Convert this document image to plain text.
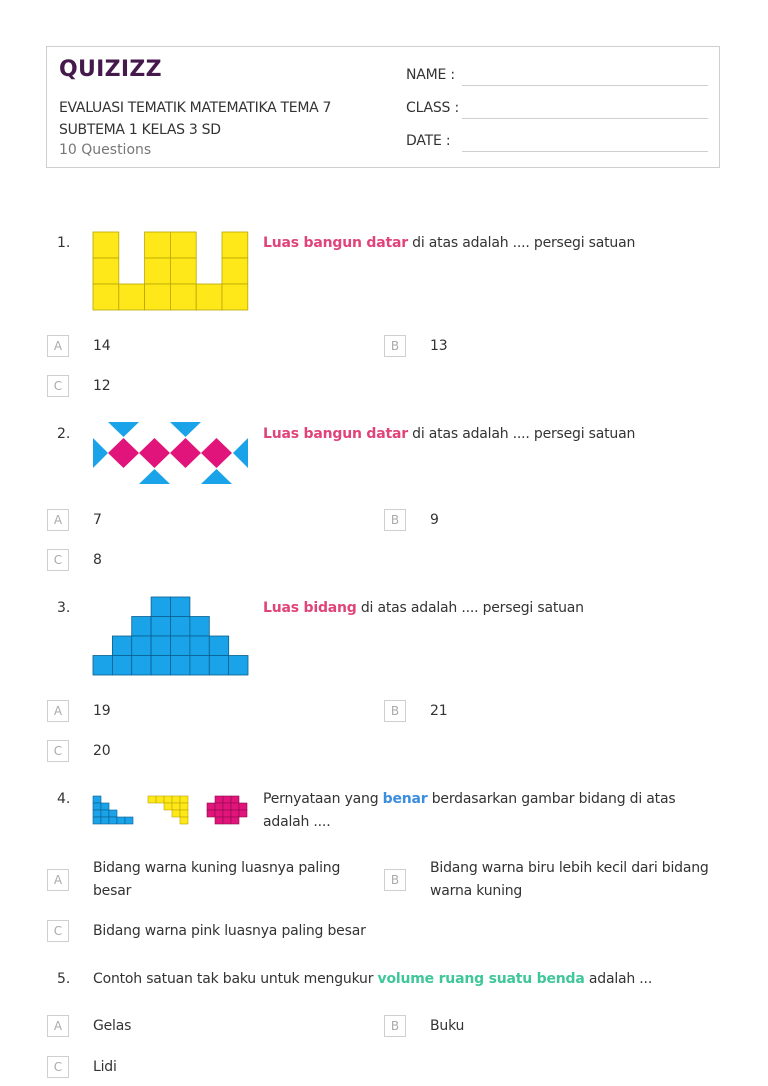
QUIZIZZ
EVALUASI TEMATIK MATEMATIKA TEMA 7
SUBTEMA 1 KELAS 3 SD
10 Questions
NAME :
CLASS :
DATE :
1.	Luas bangun datar di atas adalah .... persegi satuan
A	14	B	13
C	12
2.	Luas bangun datar di atas adalah .... persegi satuan
A	7	B	9
C	8
3.	Luas bidang di atas adalah .... persegi satuan
A	19	B	21
C	20
4.	Pernyataan yang benar berdasarkan gambar bidang di atas adalah ....
A
Bidang warna kuning luasnya paling besar
B
Bidang warna biru lebih kecil dari bidang warna kuning
C	Bidang warna pink luasnya paling besar
5. Contoh satuan tak baku untuk mengukur volume ruang suatu benda adalah ...
A	Gelas	B	Buku
C	Lidi
